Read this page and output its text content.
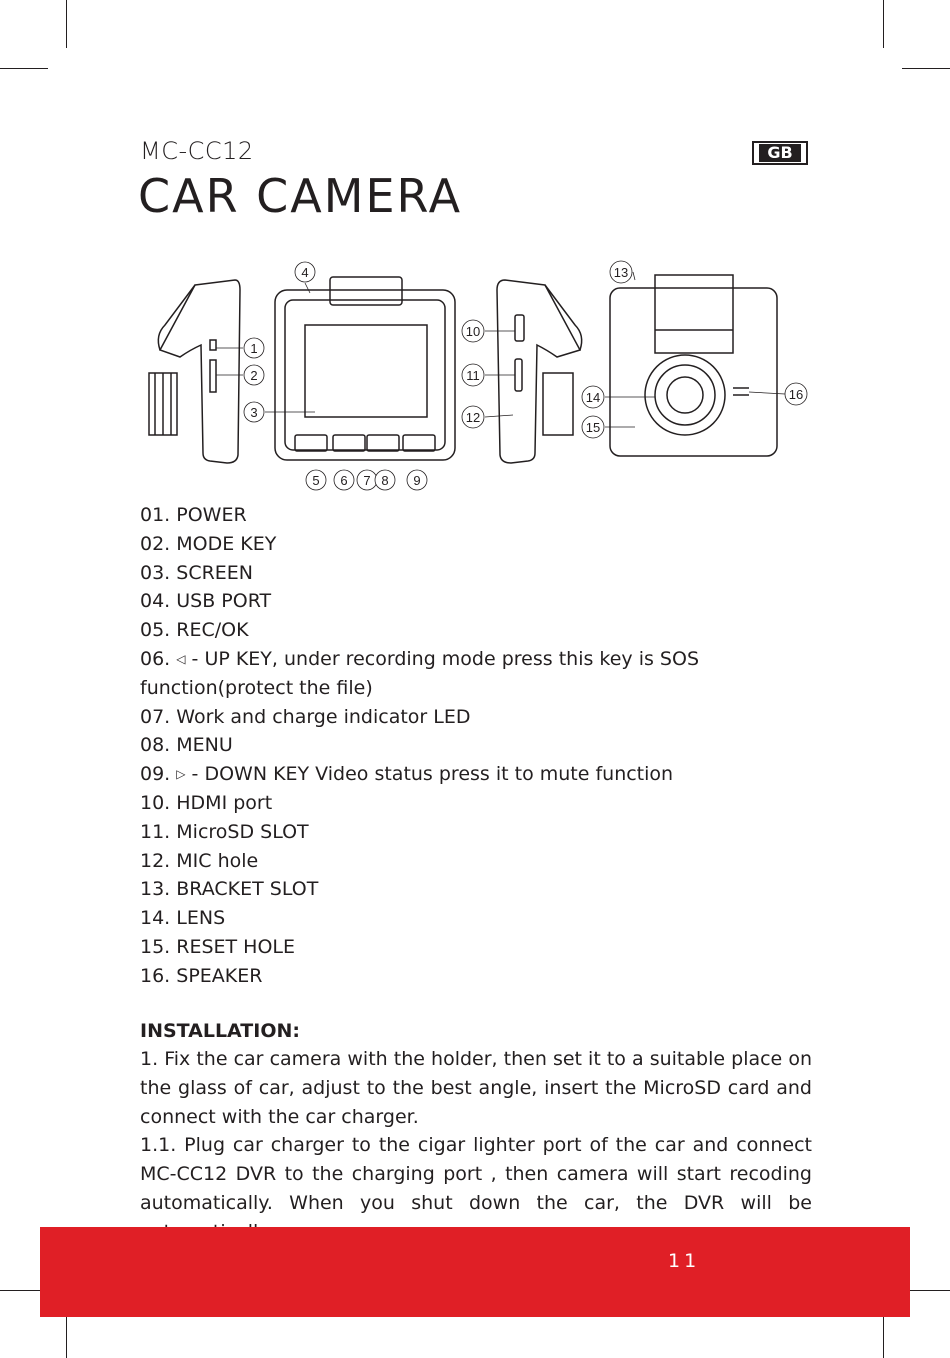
MC-CC12
CAR CAMERA
GB
1
2
3
4
5 6 7 8 9
10
11
12
13
14
15
16
01. POWER
02. MODE KEY
03. SCREEN
04. USB PORT
05. REC/OK
06. ◁ - UP KEY, under recording mode press this key is SOS function(protect the file)
07. Work and charge indicator LED
08. MENU
09. ▷ - DOWN KEY Video status press it to mute function
10. HDMI port
11. MicroSD SLOT
12. MIC hole
13. BRACKET SLOT
14. LENS
15. RESET HOLE
16. SPEAKER
INSTALLATION:

1. Fix the car camera with the holder, then set it to a suitable place on the glass of car, adjust to the best angle, insert the MicroSD card and connect with the car charger.

1.1. Plug car charger to the cigar lighter port of the car and connect MC-CC12 DVR to the charging port , then camera will start recoding automatically. When you shut down the car, the DVR will be

11
